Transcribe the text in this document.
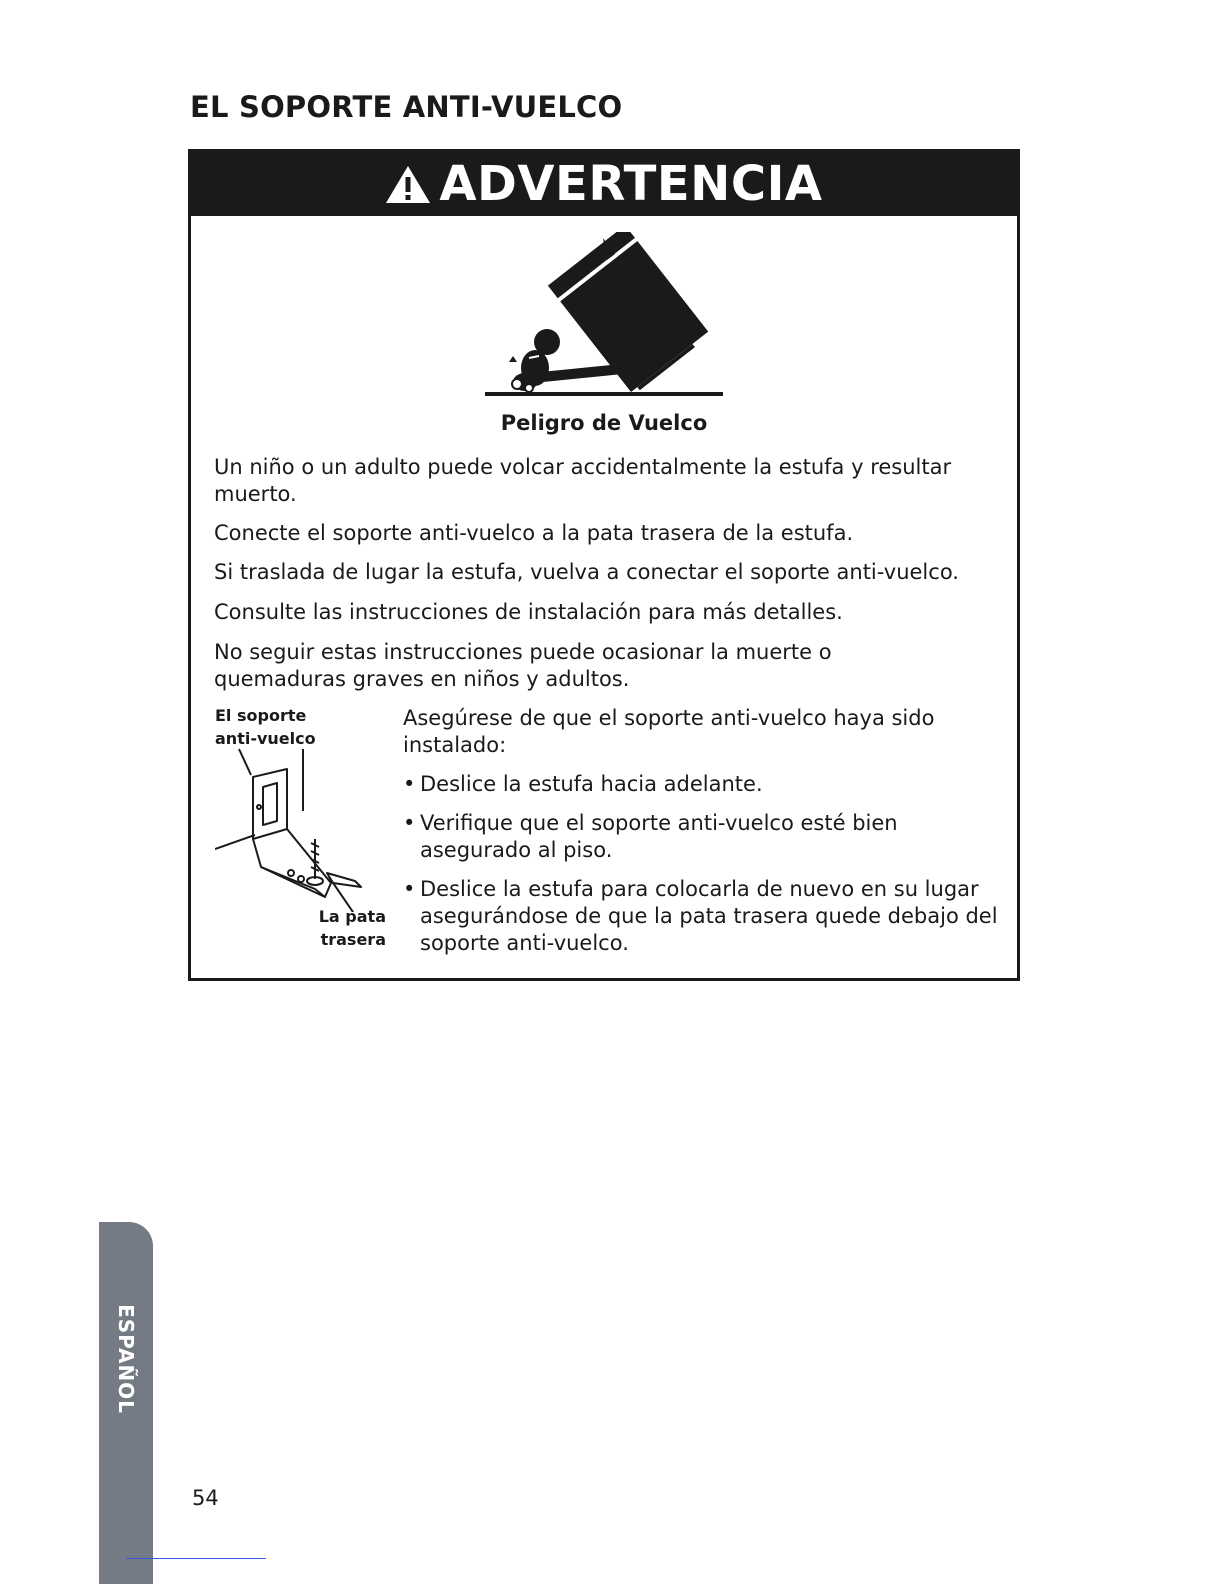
EL SOPORTE ANTI-VUELCO
ADVERTENCIA
Peligro de Vuelco

Un niño o un adulto puede volcar accidentalmente la estufa y resultar muerto.

Conecte el soporte anti-vuelco a la pata trasera de la estufa.

Si traslada de lugar la estufa, vuelva a conectar el soporte anti-vuelco.

Consulte las instrucciones de instalación para más detalles.

No seguir estas instrucciones puede ocasionar la muerte o quemaduras graves en niños y adultos.

El soporte
anti-vuelco
La pata
trasera

Asegúrese de que el soporte anti-vuelco haya sido instalado:

• Deslice la estufa hacia adelante.
• Verifique que el soporte anti-vuelco esté bien asegurado al piso.
• Deslice la estufa para colocarla de nuevo en su lugar asegurándose de que la pata trasera quede debajo del soporte anti-vuelco.
ESPAÑOL
54
